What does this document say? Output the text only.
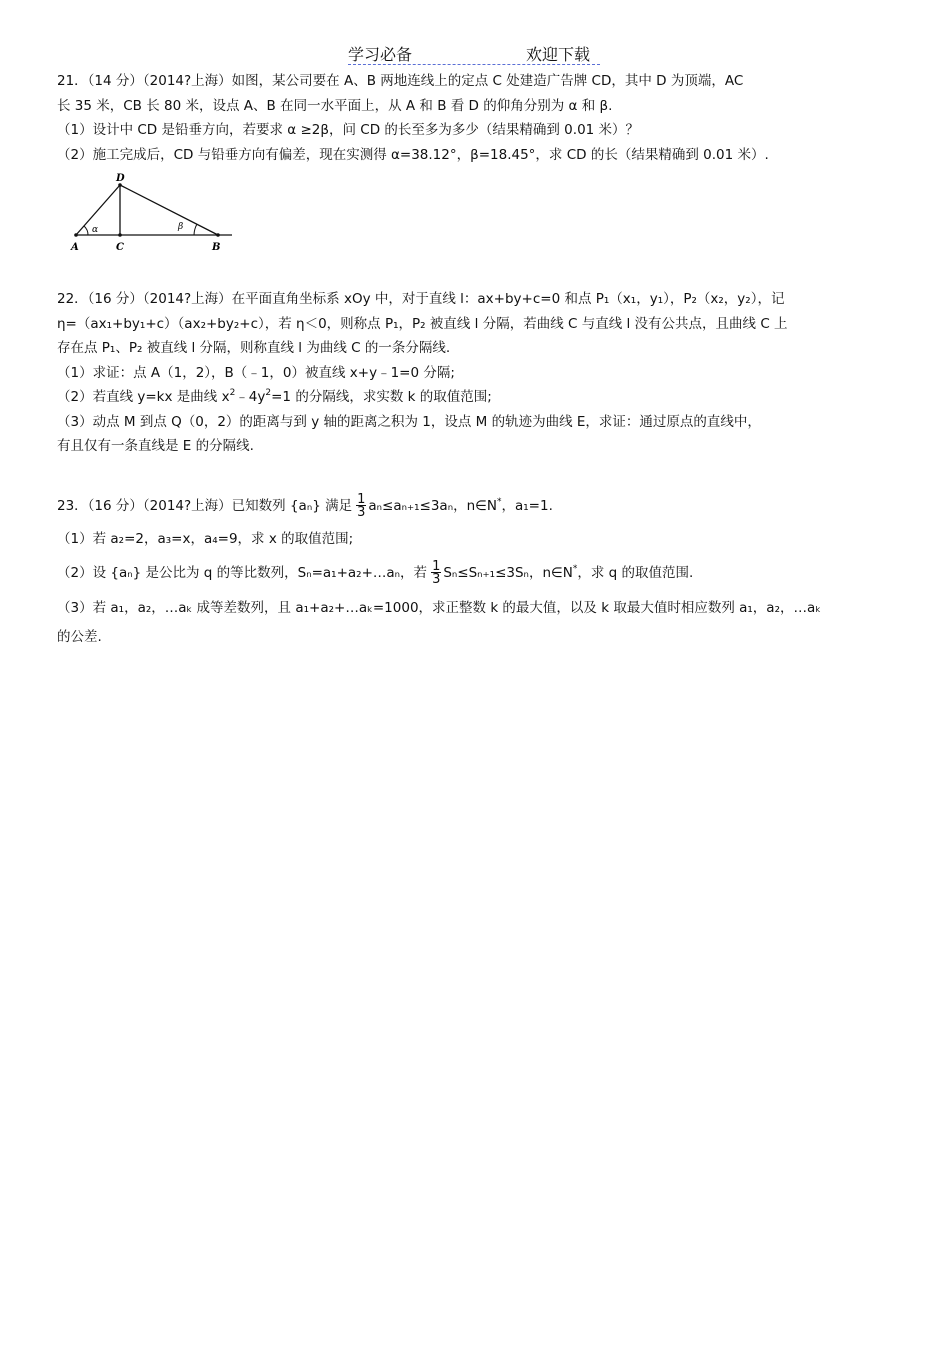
学习必备	欢迎下载
21．（14 分）（2014?上海）如图，某公司要在 A、B 两地连线上的定点 C 处建造广告牌 CD，其中 D 为顶端，AC
长 35 米，CB 长 80 米，设点 A、B 在同一水平面上，从 A 和 B 看 D 的仰角分别为 α 和 β.
（1）设计中 CD 是铅垂方向，若要求 α ≥2β，问 CD 的长至多为多少（结果精确到 0.01 米）？
（2）施工完成后，CD 与铅垂方向有偏差，现在实测得 α=38.12°，β=18.45°，求 CD 的长（结果精确到 0.01 米）.
A	C	B
D
α	β
22．（16 分）（2014?上海）在平面直角坐标系 xOy 中，对于直线 l：ax+by+c=0 和点 P₁（x₁，y₁），P₂（x₂，y₂），记
η=（ax₁+by₁+c）（ax₂+by₂+c），若 η＜0，则称点 P₁，P₂ 被直线 l 分隔，若曲线 C 与直线 l 没有公共点，且曲线 C 上
存在点 P₁、P₂ 被直线 l 分隔，则称直线 l 为曲线 C 的一条分隔线.
（1）求证：点 A（1，2），B（﹣1，0）被直线 x+y﹣1=0 分隔;
（2）若直线 y=kx 是曲线 $x^2﹣4y^2=1$ 的分隔线，求实数 k 的取值范围;
（3）动点 M 到点 Q（0，2）的距离与到 y 轴的距离之积为 1，设点 M 的轨迹为曲线 E，求证：通过原点的直线中，
有且仅有一条直线是 E 的分隔线.
23．（16 分）（2014?上海）已知数列 {aₙ} 满足 $\frac{1}{3} a_n\le a_{n+1}\le 3a_n$，n∈N*，a₁=1.
（1）若 a₂=2，a₃=x，a₄=9，求 x 的取值范围;
（2）设 {aₙ} 是公比为 q 的等比数列，Sₙ=a₁+a₂+…aₙ，若 $\frac{1}{3} S_n\le S_{n+1}\le 3S_n$，n∈N*，求 q 的取值范围.
（3）若 a₁，a₂，…aₖ 成等差数列，且 a₁+a₂+…aₖ=1000，求正整数 k 的最大值，以及 k 取最大值时相应数列 a₁，a₂，…aₖ
的公差.
